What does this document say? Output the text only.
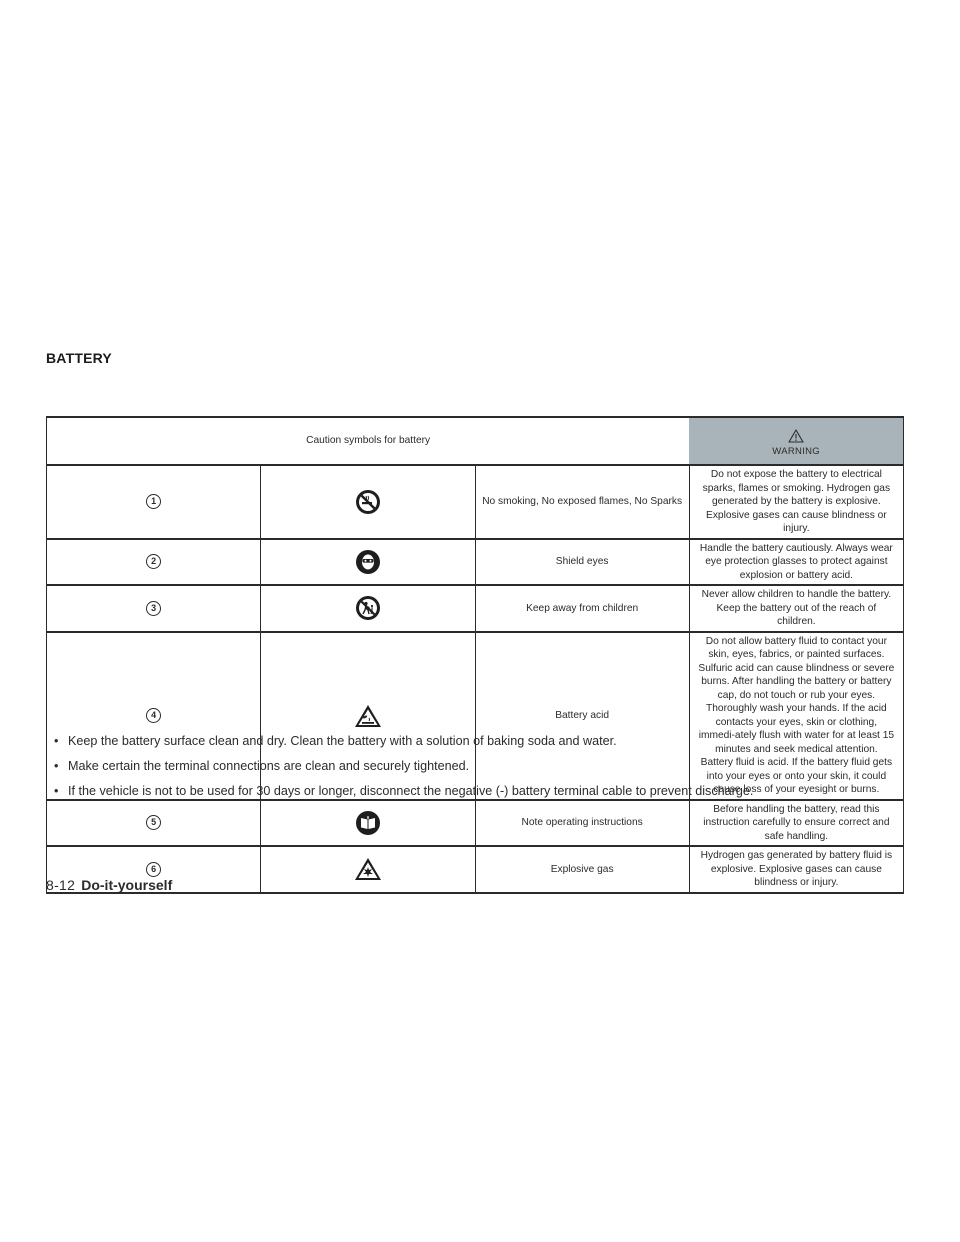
BATTERY
Caution symbols for battery			WARNING

1		No smoking, No exposed flames, No Sparks	Do not expose the battery to electrical sparks, flames or smoking. Hydrogen gas generated by the battery is explosive. Explosive gases can cause blindness or injury.
2		Shield eyes	Handle the battery cautiously. Always wear eye protection glasses to protect against explosion or battery acid.
3		Keep away from children	Never allow children to handle the battery. Keep the battery out of the reach of children.
4		Battery acid	Do not allow battery fluid to contact your skin, eyes, fabrics, or painted surfaces. Sulfuric acid can cause blindness or severe burns. After handling the battery or battery cap, do not touch or rub your eyes. Thoroughly wash your hands. If the acid contacts your eyes, skin or clothing, immedi-ately flush with water for at least 15 minutes and seek medical attention. Battery fluid is acid. If the battery fluid gets into your eyes or onto your skin, it could cause loss of your eyesight or burns.
5		Note operating instructions	Before handling the battery, read this instruction carefully to ensure correct and safe handling.
6		Explosive gas	Hydrogen gas generated by battery fluid is explosive. Explosive gases can cause blindness or injury.
• Keep the battery surface clean and dry. Clean the battery with a solution of baking soda and water.
• Make certain the terminal connections are clean and securely tightened.
• If the vehicle is not to be used for 30 days or longer, disconnect the negative (-) battery terminal cable to prevent discharge.
8-12 Do-it-yourself
